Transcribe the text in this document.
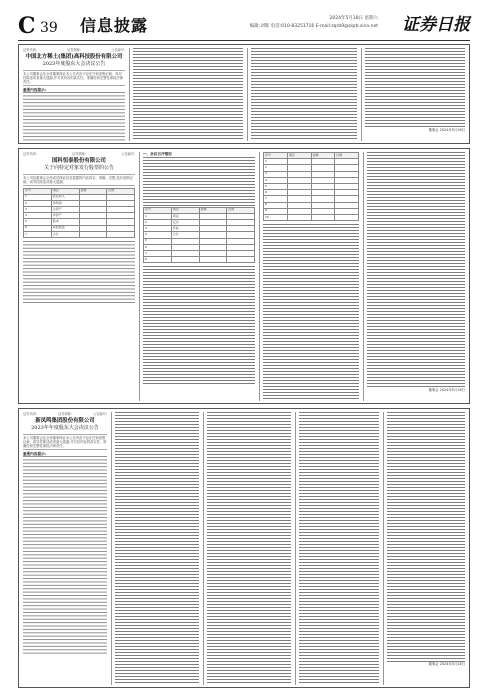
C 39 信息披露	2024年5月18日 星期六
编辑:刘辉 电话:010-83251716 E-mail:zqrb9@zqrb.sina.net 证券日报
证券代码:	证券简称:	公告编号:
中国北方稀土(集团)高科技股份有限公司
2023年度股东大会决议公告
本公司董事会及全体董事保证本公告内容不存在任何虚假记载、误导性陈述或者重大遗漏,并对其内容的真实性、准确性和完整性承担法律责任。
重要内容提示:
董事会 2024年5月18日
证券代码:	证券简称:	公告编号:
国科恒泰股份有限公司
关于向特定对象发行股票的公告
本公司及董事会全体成员保证信息披露的内容真实、准确、完整,没有虚假记载、误导性陈述或重大遗漏。
序号	项目	金额	比例
1	营业收入		
2	净利润		
3	总资产		
4	净资产		
5	股本		
6	每股收益		
7	合计		
一、会议召开情况
序号	项目	金额	比例
1	同意		
2	反对		
3	弃权		
4	合计		
5			
6			
7			
8			
序号	项目	金额	比例
1			
2			
3			
4			
5			
6			
7			
8			
9			
10			
董事会 2024年5月18日
证券代码:	证券简称:	公告编号:
新凤鸣集团股份有限公司
2023年年度股东大会决议公告
本公司董事会及全体董事保证本公告内容不存在任何虚假记载、误导性陈述或者重大遗漏,并对其内容的真实性、准确性和完整性承担法律责任。
重要内容提示:
董事会 2024年5月18日
